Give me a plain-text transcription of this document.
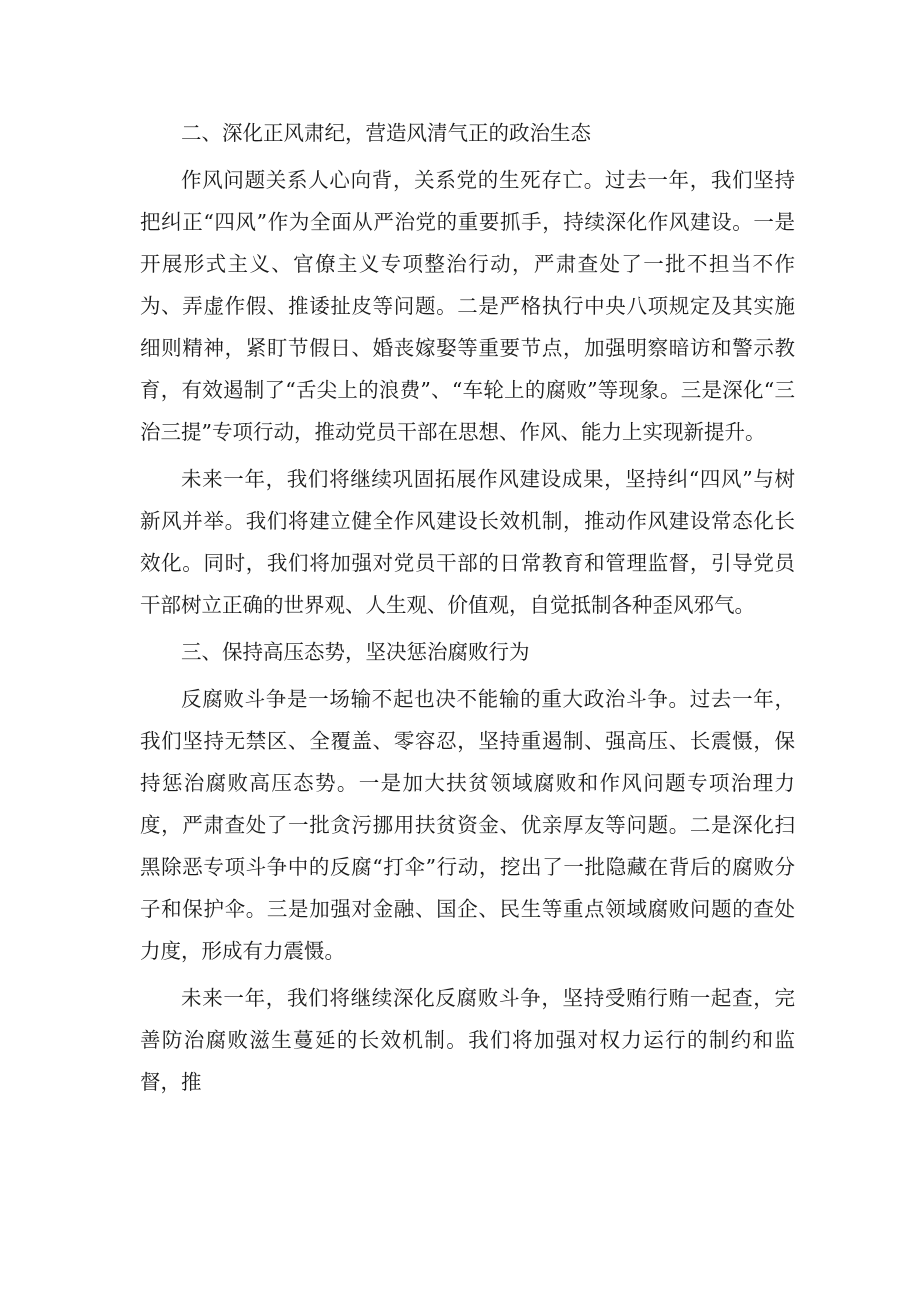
二、深化正风肃纪，营造风清气正的政治生态

作风问题关系人心向背，关系党的生死存亡。过去一年，我们坚持把纠正“四风”作为全面从严治党的重要抓手，持续深化作风建设。一是开展形式主义、官僚主义专项整治行动，严肃查处了一批不担当不作为、弄虚作假、推诿扯皮等问题。二是严格执行中央八项规定及其实施细则精神，紧盯节假日、婚丧嫁娶等重要节点，加强明察暗访和警示教育，有效遏制了“舌尖上的浪费”、“车轮上的腐败”等现象。三是深化“三治三提”专项行动，推动党员干部在思想、作风、能力上实现新提升。

未来一年，我们将继续巩固拓展作风建设成果，坚持纠“四风”与树新风并举。我们将建立健全作风建设长效机制，推动作风建设常态化长效化。同时，我们将加强对党员干部的日常教育和管理监督，引导党员干部树立正确的世界观、人生观、价值观，自觉抵制各种歪风邪气。

三、保持高压态势，坚决惩治腐败行为

反腐败斗争是一场输不起也决不能输的重大政治斗争。过去一年，我们坚持无禁区、全覆盖、零容忍，坚持重遏制、强高压、长震慑，保持惩治腐败高压态势。一是加大扶贫领域腐败和作风问题专项治理力度，严肃查处了一批贪污挪用扶贫资金、优亲厚友等问题。二是深化扫黑除恶专项斗争中的反腐“打伞”行动，挖出了一批隐藏在背后的腐败分子和保护伞。三是加强对金融、国企、民生等重点领域腐败问题的查处力度，形成有力震慑。

未来一年，我们将继续深化反腐败斗争，坚持受贿行贿一起查，完善防治腐败滋生蔓延的长效机制。我们将加强对权力运行的制约和监督，推
